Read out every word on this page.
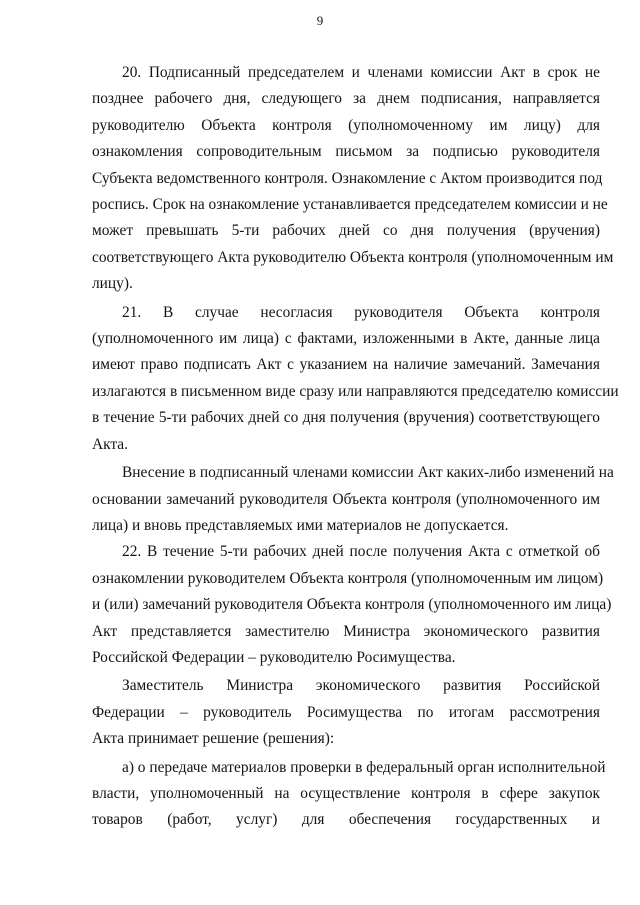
9

20. Подписанный председателем и членами комиссии Акт в срок не
позднее рабочего дня, следующего за днем подписания, направляется
руководителю Объекта контроля (уполномоченному им лицу) для
ознакомления сопроводительным письмом за подписью руководителя
Субъекта ведомственного контроля. Ознакомление с Актом производится под
роспись. Срок на ознакомление устанавливается председателем комиссии и не
может превышать 5-ти рабочих дней со дня получения (вручения)
соответствующего Акта руководителю Объекта контроля (уполномоченным им
лицу).

21. В случае несогласия руководителя Объекта контроля
(уполномоченного им лица) с фактами, изложенными в Акте, данные лица
имеют право подписать Акт с указанием на наличие замечаний. Замечания
излагаются в письменном виде сразу или направляются председателю комиссии
в течение 5-ти рабочих дней со дня получения (вручения) соответствующего
Акта.

Внесение в подписанный членами комиссии Акт каких-либо изменений на
основании замечаний руководителя Объекта контроля (уполномоченного им
лица) и вновь представляемых ими материалов не допускается.

22. В течение 5-ти рабочих дней после получения Акта с отметкой об
ознакомлении руководителем Объекта контроля (уполномоченным им лицом)
и (или) замечаний руководителя Объекта контроля (уполномоченного им лица)
Акт представляется заместителю Министра экономического развития
Российской Федерации – руководителю Росимущества.

Заместитель Министра экономического развития Российской
Федерации – руководитель Росимущества по итогам рассмотрения
Акта принимает решение (решения):

а) о передаче материалов проверки в федеральный орган исполнительной
власти, уполномоченный на осуществление контроля в сфере закупок
товаров (работ, услуг) для обеспечения государственных и
